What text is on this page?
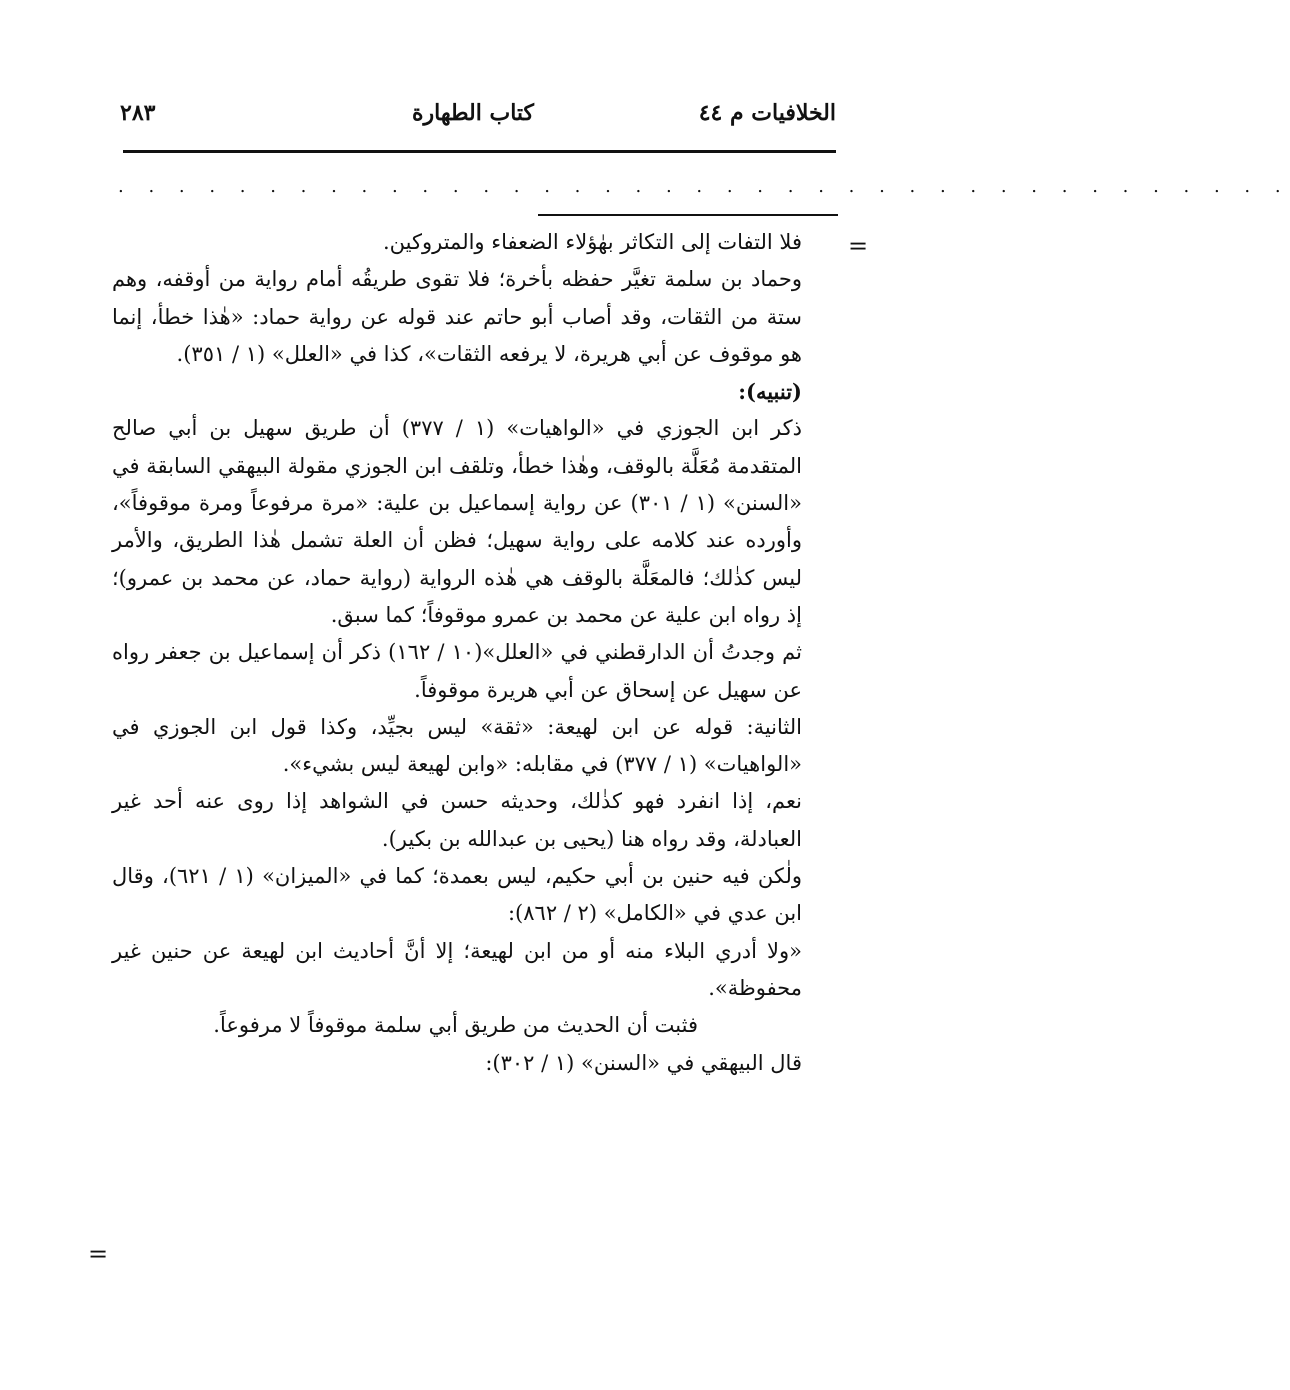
الخلافيات م ٤٤
كتاب الطهارة
٢٨٣
. . . . . . . . . . . . . . . . . . . . . . . . . . . . . . . . . . . . . . .
=

فلا التفات إلى التكاثر بهٰؤلاء الضعفاء والمتروكين.

وحماد بن سلمة تغيَّر حفظه بأخرة؛ فلا تقوى طريقُه أمام رواية من أوقفه، وهم ستة من الثقات، وقد أصاب أبو حاتم عند قوله عن رواية حماد: «هٰذا خطأ، إنما هو موقوف عن أبي هريرة، لا يرفعه الثقات»، كذا في «العلل» (١ / ٣٥١).

(تنبيه):

ذكر ابن الجوزي في «الواهيات» (١ / ٣٧٧) أن طريق سهيل بن أبي صالح المتقدمة مُعَلَّة بالوقف، وهٰذا خطأ، وتلقف ابن الجوزي مقولة البيهقي السابقة في «السنن» (١ / ٣٠١) عن رواية إسماعيل بن علية: «مرة مرفوعاً ومرة موقوفاً»، وأورده عند كلامه على رواية سهيل؛ فظن أن العلة تشمل هٰذا الطريق، والأمر ليس كذٰلك؛ فالمعَلَّة بالوقف هي هٰذه الرواية (رواية حماد، عن محمد بن عمرو)؛ إذ رواه ابن علية عن محمد بن عمرو موقوفاً؛ كما سبق.

ثم وجدتُ أن الدارقطني في «العلل»(١٠ / ١٦٢) ذكر أن إسماعيل بن جعفر رواه عن سهيل عن إسحاق عن أبي هريرة موقوفاً.

الثانية: قوله عن ابن لهيعة: «ثقة» ليس بجيِّد، وكذا قول ابن الجوزي في «الواهيات» (١ / ٣٧٧) في مقابله: «وابن لهيعة ليس بشيء».

نعم، إذا انفرد فهو كذٰلك، وحديثه حسن في الشواهد إذا روى عنه أحد غير العبادلة، وقد رواه هنا (يحيى بن عبدالله بن بكير).

ولٰكن فيه حنين بن أبي حكيم، ليس بعمدة؛ كما في «الميزان» (١ / ٦٢١)، وقال ابن عدي في «الكامل» (٢ / ٨٦٢):

«ولا أدري البلاء منه أو من ابن لهيعة؛ إلا أنَّ أحاديث ابن لهيعة عن حنين غير محفوظة».

فثبت أن الحديث من طريق أبي سلمة موقوفاً لا مرفوعاً.

قال البيهقي في «السنن» (١ / ٣٠٢):

=
